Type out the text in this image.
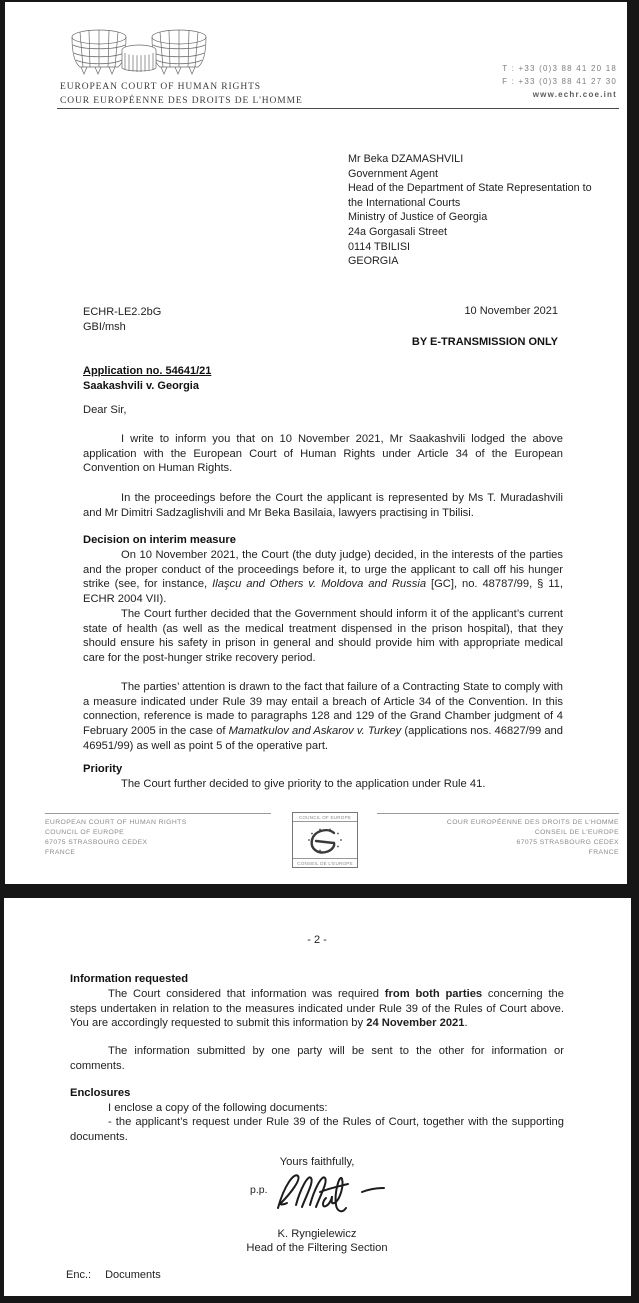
EUROPEAN COURT OF HUMAN RIGHTS
COUR EUROPÉENNE DES DROITS DE L'HOMME
T : +33 (0)3 88 41 20 18
F : +33 (0)3 88 41 27 30
www.echr.coe.int
Mr Beka DZAMASHVILI
Government Agent
Head of the Department of State Representation to
the International Courts
Ministry of Justice of Georgia
24a Gorgasali Street
0114 TBILISI
GEORGIA
ECHR-LE2.2bG
GBI/msh
10 November 2021
BY E-TRANSMISSION ONLY
Application no. 54641/21
Saakashvili v. Georgia
Dear Sir,
I write to inform you that on 10 November 2021, Mr Saakashvili lodged the above application with the European Court of Human Rights under Article 34 of the European Convention on Human Rights.
In the proceedings before the Court the applicant is represented by Ms T. Muradashvili and Mr Dimitri Sadzaglishvili and Mr Beka Basilaia, lawyers practising in Tbilisi.
Decision on interim measure
On 10 November 2021, the Court (the duty judge) decided, in the interests of the parties and the proper conduct of the proceedings before it, to urge the applicant to call off his hunger strike (see, for instance, Ilaşcu and Others v. Moldova and Russia [GC], no. 48787/99, § 11, ECHR 2004 VII).
The Court further decided that the Government should inform it of the applicant’s current state of health (as well as the medical treatment dispensed in the prison hospital), that they should ensure his safety in prison in general and should provide him with appropriate medical care for the post-hunger strike recovery period.
The parties’ attention is drawn to the fact that failure of a Contracting State to comply with a measure indicated under Rule 39 may entail a breach of Article 34 of the Convention. In this connection, reference is made to paragraphs 128 and 129 of the Grand Chamber judgment of 4 February 2005 in the case of Mamatkulov and Askarov v. Turkey (applications nos. 46827/99 and 46951/99) as well as point 5 of the operative part.
Priority
The Court further decided to give priority to the application under Rule 41.
EUROPEAN COURT OF HUMAN RIGHTS
COUNCIL OF EUROPE
67075 STRASBOURG CEDEX
FRANCE
COUNCIL OF EUROPE
CONSEIL DE L'EUROPE
COUR EUROPÉENNE DES DROITS DE L'HOMME
CONSEIL DE L'EUROPE
67075 STRASBOURG CEDEX
FRANCE
- 2 -
Information requested
The Court considered that information was required from both parties concerning the steps undertaken in relation to the measures indicated under Rule 39 of the Rules of Court above. You are accordingly requested to submit this information by 24 November 2021.
The information submitted by one party will be sent to the other for information or comments.
Enclosures
I enclose a copy of the following documents:
- the applicant’s request under Rule 39 of the Rules of Court, together with the supporting documents.
Yours faithfully,
p.p.
K. Ryngielewicz
Head of the Filtering Section
Enc.: Documents
